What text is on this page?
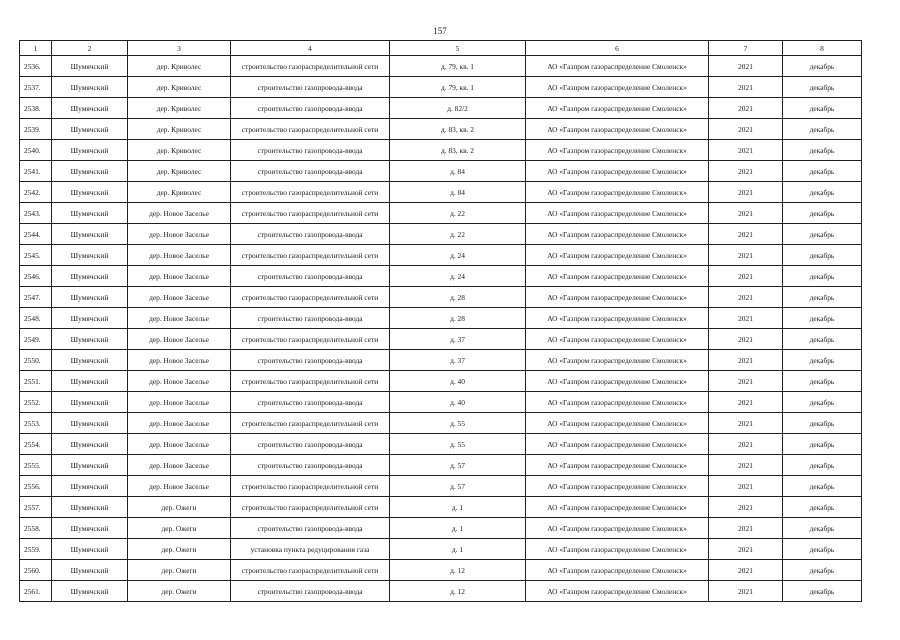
157
1	2	3	4	5	6	7	8
2536.	Шумячский	дер. Криволес	строительство газораспределительной сети	д. 79, кв. 1	АО «Газпром газораспределение Смоленск»	2021	декабрь
2537.	Шумячский	дер. Криволес	строительство газопровода-ввода	д. 79, кв. 1	АО «Газпром газораспределение Смоленск»	2021	декабрь
2538.	Шумячский	дер. Криволес	строительство газопровода-ввода	д. 82/2	АО «Газпром газораспределение Смоленск»	2021	декабрь
2539.	Шумячский	дер. Криволес	строительство газораспределительной сети	д. 83, кв. 2	АО «Газпром газораспределение Смоленск»	2021	декабрь
2540.	Шумячский	дер. Криволес	строительство газопровода-ввода	д. 83, кв. 2	АО «Газпром газораспределение Смоленск»	2021	декабрь
2541.	Шумячский	дер. Криволес	строительство газопровода-ввода	д. 84	АО «Газпром газораспределение Смоленск»	2021	декабрь
2542.	Шумячский	дер. Криволес	строительство газораспределительной сети	д. 84	АО «Газпром газораспределение Смоленск»	2021	декабрь
2543.	Шумячский	дер. Новое Заселье	строительство газораспределительной сети	д. 22	АО «Газпром газораспределение Смоленск»	2021	декабрь
2544.	Шумячский	дер. Новое Заселье	строительство газопровода-ввода	д. 22	АО «Газпром газораспределение Смоленск»	2021	декабрь
2545.	Шумячский	дер. Новое Заселье	строительство газораспределительной сети	д. 24	АО «Газпром газораспределение Смоленск»	2021	декабрь
2546.	Шумячский	дер. Новое Заселье	строительство газопровода-ввода	д. 24	АО «Газпром газораспределение Смоленск»	2021	декабрь
2547.	Шумячский	дер. Новое Заселье	строительство газораспределительной сети	д. 28	АО «Газпром газораспределение Смоленск»	2021	декабрь
2548.	Шумячский	дер. Новое Заселье	строительство газопровода-ввода	д. 28	АО «Газпром газораспределение Смоленск»	2021	декабрь
2549.	Шумячский	дер. Новое Заселье	строительство газораспределительной сети	д. 37	АО «Газпром газораспределение Смоленск»	2021	декабрь
2550.	Шумячский	дер. Новое Заселье	строительство газопровода-ввода	д. 37	АО «Газпром газораспределение Смоленск»	2021	декабрь
2551.	Шумячский	дер. Новое Заселье	строительство газораспределительной сети	д. 40	АО «Газпром газораспределение Смоленск»	2021	декабрь
2552.	Шумячский	дер. Новое Заселье	строительство газопровода-ввода	д. 40	АО «Газпром газораспределение Смоленск»	2021	декабрь
2553.	Шумячский	дер. Новое Заселье	строительство газораспределительной сети	д. 55	АО «Газпром газораспределение Смоленск»	2021	декабрь
2554.	Шумячский	дер. Новое Заселье	строительство газопровода-ввода	д. 55	АО «Газпром газораспределение Смоленск»	2021	декабрь
2555.	Шумячский	дер. Новое Заселье	строительство газопровода-ввода	д. 57	АО «Газпром газораспределение Смоленск»	2021	декабрь
2556.	Шумячский	дер. Новое Заселье	строительство газораспределительной сети	д. 57	АО «Газпром газораспределение Смоленск»	2021	декабрь
2557.	Шумячский	дер. Ожеги	строительство газораспределительной сети	д. 1	АО «Газпром газораспределение Смоленск»	2021	декабрь
2558.	Шумячский	дер. Ожеги	строительство газопровода-ввода	д. 1	АО «Газпром газораспределение Смоленск»	2021	декабрь
2559.	Шумячский	дер. Ожеги	установка пункта редуцирования газа	д. 1	АО «Газпром газораспределение Смоленск»	2021	декабрь
2560.	Шумячский	дер. Ожеги	строительство газораспределительной сети	д. 12	АО «Газпром газораспределение Смоленск»	2021	декабрь
2561.	Шумячский	дер. Ожеги	строительство газопровода-ввода	д. 12	АО «Газпром газораспределение Смоленск»	2021	декабрь
